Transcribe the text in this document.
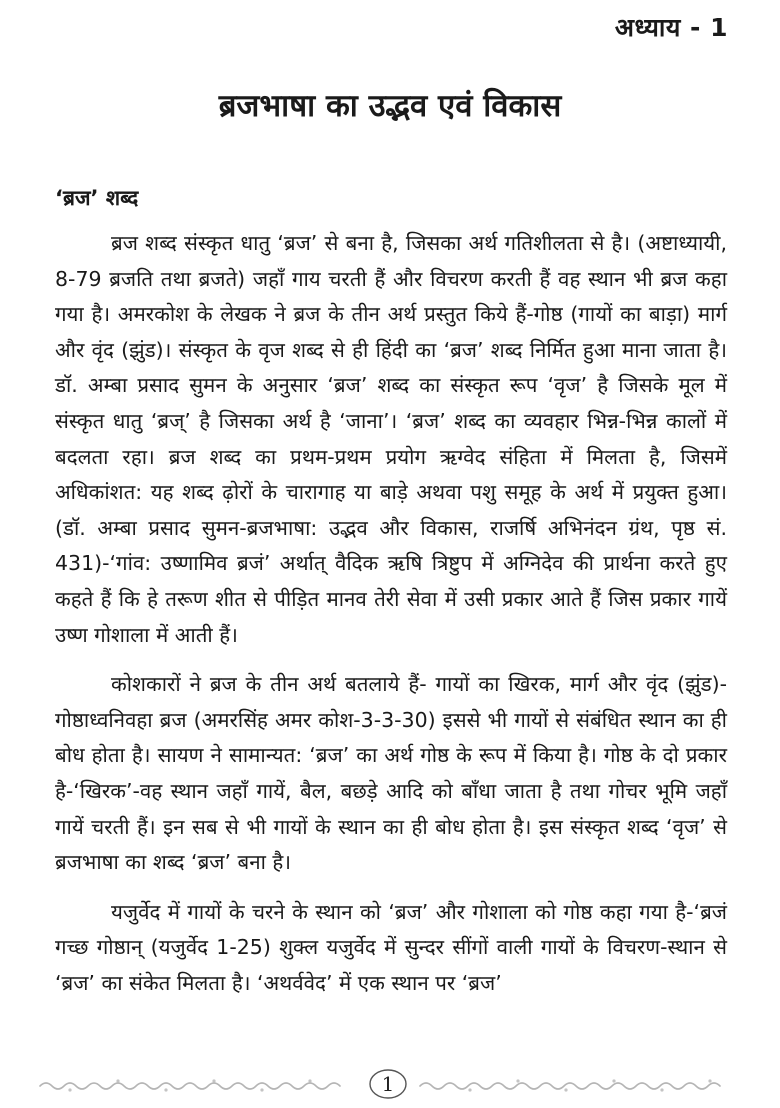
अध्याय - 1
ब्रजभाषा का उद्भव एवं विकास
‘ब्रज’ शब्द

ब्रज शब्द संस्कृत धातु ‘ब्रज’ से बना है, जिसका अर्थ गतिशीलता से है। (अष्टाध्यायी, 8-79 ब्रजति तथा ब्रजते) जहाँ गाय चरती हैं और विचरण करती हैं वह स्थान भी ब्रज कहा गया है। अमरकोश के लेखक ने ब्रज के तीन अर्थ प्रस्तुत किये हैं-गोष्ठ (गायों का बाड़ा) मार्ग और वृंद (झुंड)। संस्कृत के वृज शब्द से ही हिंदी का ‘ब्रज’ शब्द निर्मित हुआ माना जाता है। डॉ. अम्बा प्रसाद सुमन के अनुसार ‘ब्रज’ शब्द का संस्कृत रूप ‘वृज’ है जिसके मूल में संस्कृत धातु ‘ब्रज्’ है जिसका अर्थ है ‘जाना’। ‘ब्रज’ शब्द का व्यवहार भिन्न-भिन्न कालों में बदलता रहा। ब्रज शब्द का प्रथम-प्रथम प्रयोग ऋग्वेद संहिता में मिलता है, जिसमें अधिकांशत: यह शब्द ढ़ोरों के चारागाह या बाड़े अथवा पशु समूह के अर्थ में प्रयुक्त हुआ। (डॉ. अम्बा प्रसाद सुमन-ब्रजभाषा: उद्भव और विकास, राजर्षि अभिनंदन ग्रंथ, पृष्ठ सं. 431)-‘गांव: उष्णामिव ब्रजं’ अर्थात् वैदिक ऋषि त्रिष्टुप में अग्निदेव की प्रार्थना करते हुए कहते हैं कि हे तरूण शीत से पीड़ित मानव तेरी सेवा में उसी प्रकार आते हैं जिस प्रकार गायें उष्ण गोशाला में आती हैं।

कोशकारों ने ब्रज के तीन अर्थ बतलाये हैं- गायों का खिरक, मार्ग और वृंद (झुंड)-गोष्ठाध्वनिवहा ब्रज (अमरसिंह अमर कोश-3-3-30) इससे भी गायों से संबंधित स्थान का ही बोध होता है। सायण ने सामान्यत: ‘ब्रज’ का अर्थ गोष्ठ के रूप में किया है। गोष्ठ के दो प्रकार है-‘खिरक’-वह स्थान जहाँ गायें, बैल, बछड़े आदि को बाँधा जाता है तथा गोचर भूमि जहाँ गायें चरती हैं। इन सब से भी गायों के स्थान का ही बोध होता है। इस संस्कृत शब्द ‘वृज’ से ब्रजभाषा का शब्द ‘ब्रज’ बना है।

यजुर्वेद में गायों के चरने के स्थान को ‘ब्रज’ और गोशाला को गोष्ठ कहा गया है-‘ब्रजं गच्छ गोष्ठान् (यजुर्वेद 1-25) शुक्ल यजुर्वेद में सुन्दर सींगों वाली गायों के विचरण-स्थान से ‘ब्रज’ का संकेत मिलता है। ‘अथर्ववेद’ में एक स्थान पर ‘ब्रज’

1
